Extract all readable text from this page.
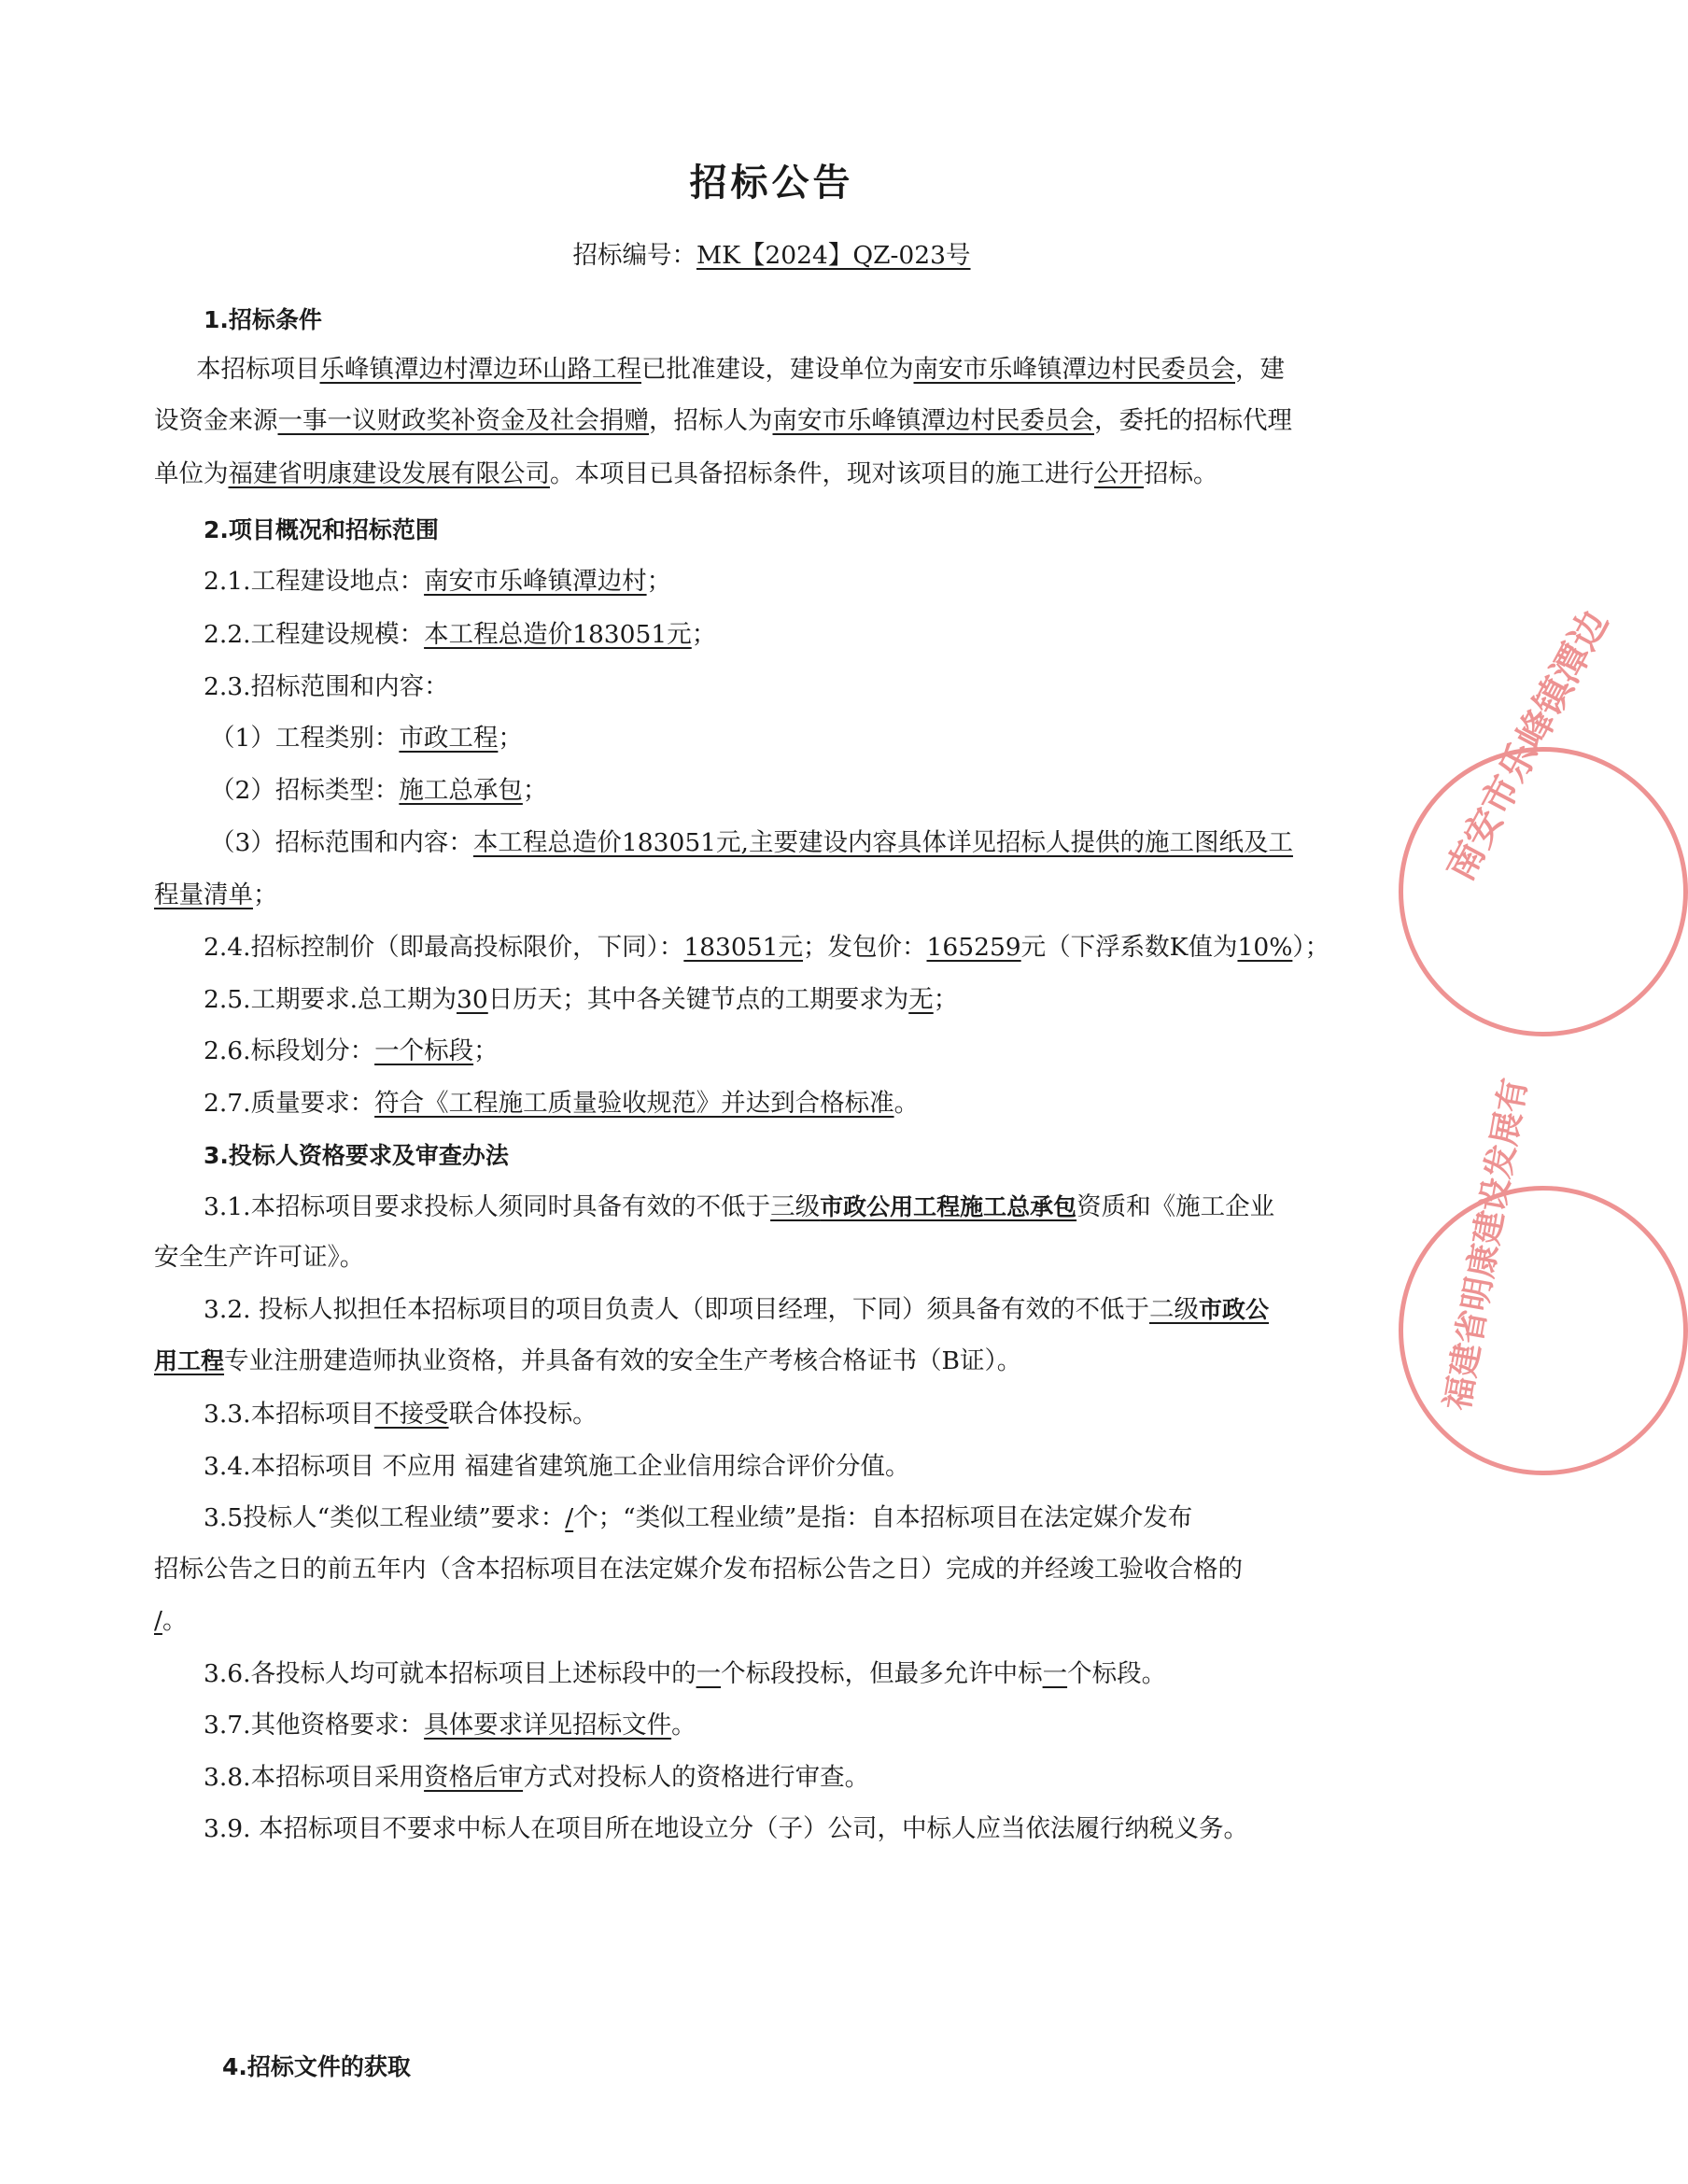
招标公告
招标编号：MK【2024】QZ-023号
1.招标条件
本招标项目乐峰镇潭边村潭边环山路工程已批准建设，建设单位为南安市乐峰镇潭边村民委员会，建
设资金来源一事一议财政奖补资金及社会捐赠，招标人为南安市乐峰镇潭边村民委员会，委托的招标代理
单位为福建省明康建设发展有限公司。本项目已具备招标条件，现对该项目的施工进行公开招标。
2.项目概况和招标范围
2.1.工程建设地点：南安市乐峰镇潭边村；
2.2.工程建设规模：本工程总造价183051元；
2.3.招标范围和内容：
（1）工程类别：市政工程；
（2）招标类型：施工总承包；
（3）招标范围和内容：本工程总造价183051元,主要建设内容具体详见招标人提供的施工图纸及工
程量清单；
2.4.招标控制价（即最高投标限价，下同）：183051元；发包价：165259元（下浮系数K值为10%）；
2.5.工期要求.总工期为30日历天；其中各关键节点的工期要求为无；
2.6.标段划分：一个标段；
2.7.质量要求：符合《工程施工质量验收规范》并达到合格标准。
3.投标人资格要求及审查办法
3.1.本招标项目要求投标人须同时具备有效的不低于三级市政公用工程施工总承包资质和《施工企业
安全生产许可证》。
3.2. 投标人拟担任本招标项目的项目负责人（即项目经理，下同）须具备有效的不低于二级市政公
用工程专业注册建造师执业资格，并具备有效的安全生产考核合格证书（B证）。
3.3.本招标项目不接受联合体投标。
3.4.本招标项目 不应用 福建省建筑施工企业信用综合评价分值。
3.5投标人“类似工程业绩”要求：/个；“类似工程业绩”是指：自本招标项目在法定媒介发布
招标公告之日的前五年内（含本招标项目在法定媒介发布招标公告之日）完成的并经竣工验收合格的
/。
3.6.各投标人均可就本招标项目上述标段中的一个标段投标，但最多允许中标一个标段。
3.7.其他资格要求：具体要求详见招标文件。
3.8.本招标项目采用资格后审方式对投标人的资格进行审查。
3.9. 本招标项目不要求中标人在项目所在地设立分（子）公司，中标人应当依法履行纳税义务。
4.招标文件的获取
南安市乐峰镇潭边
福建省明康建设发展有
